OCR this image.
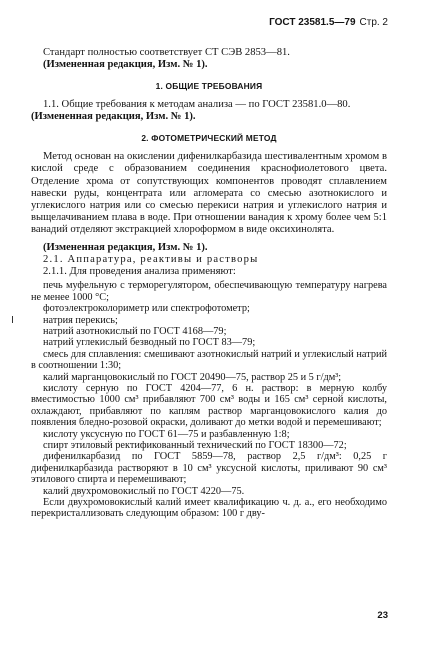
ГОСТ 23581.5—79 Стр. 2

Стандарт полностью соответствует СТ СЭВ 2853—81.

(Измененная редакция, Изм. № 1).

1. ОБЩИЕ ТРЕБОВАНИЯ

1.1. Общие требования к методам анализа — по ГОСТ 23581.0—80.

(Измененная редакция, Изм. № 1).

2. ФОТОМЕТРИЧЕСКИЙ МЕТОД

Метод основан на окислении дифенилкарбазида шестивалентным хромом в кислой среде с образованием соединения краснофиолетового цвета. Отделение хрома от сопутствующих компонентов проводят сплавлением навески руды, концентрата или агломерата со смесью азотнокислого и углекислого натрия или со смесью перекиси натрия и углекислого натрия и выщелачиванием плава в воде. При отношении ванадия к хрому более чем 5:1 ванадий отделяют экстракцией хлороформом в виде оксихинолята.

(Измененная редакция, Изм. № 1).

2.1. Аппаратура, реактивы и растворы

2.1.1. Для проведения анализа применяют:

печь муфельную с терморегулятором, обеспечивающую температуру нагрева не менее 1000 °С;

фотоэлектроколориметр или спектрофотометр;

натрия перекись;

натрий азотнокислый по ГОСТ 4168—79;

натрий углекислый безводный по ГОСТ 83—79;

смесь для сплавления: смешивают азотнокислый натрий и углекислый натрий в соотношении 1:30;

калий марганцовокислый по ГОСТ 20490—75, раствор 25 и 5 г/дм³;

кислоту серную по ГОСТ 4204—77, 6 н. раствор: в мерную колбу вместимостью 1000 см³ прибавляют 700 см³ воды и 165 см³ серной кислоты, охлаждают, прибавляют по каплям раствор марганцовокислого калия до появления бледно-розовой окраски, доливают до метки водой и перемешивают;

кислоту уксусную по ГОСТ 61—75 и разбавленную 1:8;

спирт этиловый ректификованный технический по ГОСТ 18300—72;

дифенилкарбазид по ГОСТ 5859—78, раствор 2,5 г/дм³: 0,25 г дифенилкарбазида растворяют в 10 см³ уксусной кислоты, приливают 90 см³ этилового спирта и перемешивают;

калий двухромовокислый по ГОСТ 4220—75.

Если двухромовокислый калий имеет квалификацию ч. д. а., его необходимо перекристаллизовать следующим образом: 100 г дву-

23
